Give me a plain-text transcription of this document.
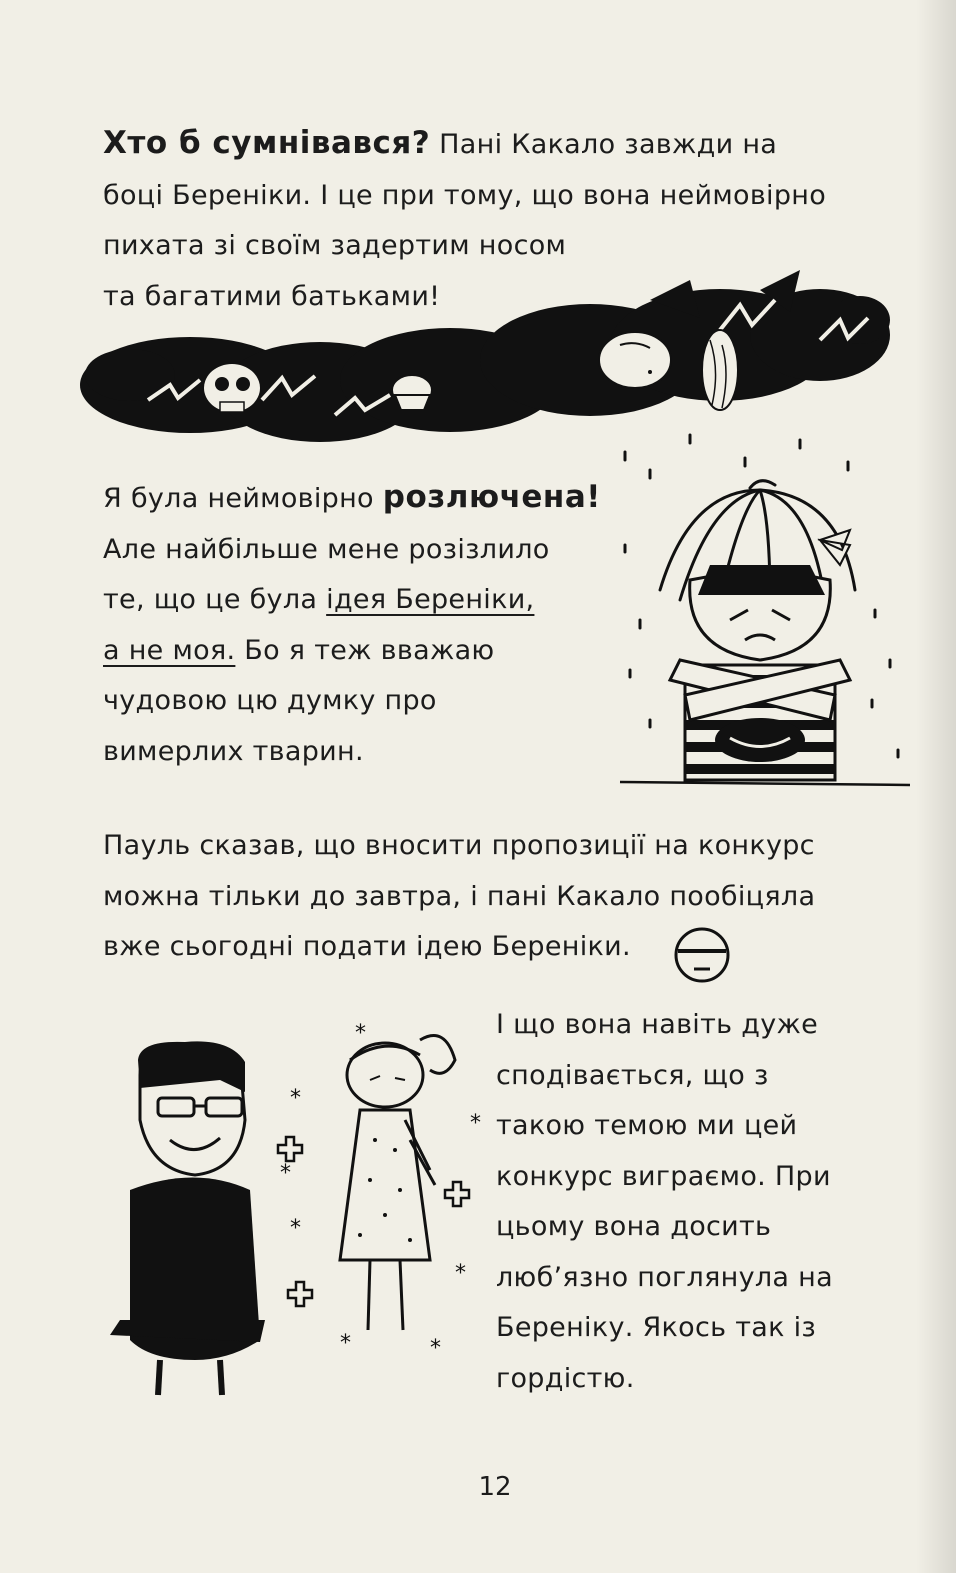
Хто б сумнівався? Пані Какало завжди на
боці Береніки. І це при тому, що вона неймовірно
пихата зі своїм задертим носом
та багатими батьками!
Я була неймовірно розлючена!
Але найбільше мене розізлило
те, що це була ідея Береніки,
а не моя. Бо я теж вважаю
чудовою цю думку про
вимерлих тварин.
Пауль сказав, що вносити пропозиції на конкурс
можна тільки до завтра, і пані Какало пообіцяла
вже сьогодні подати ідею Береніки.
*
*
*
*	*
*
*
*	І що вона навіть дуже
сподівається, що з
такою темою ми цей
конкурс виграємо. При
цьому вона досить
люб’язно поглянула на
Береніку. Якось так із
гордістю.
12
